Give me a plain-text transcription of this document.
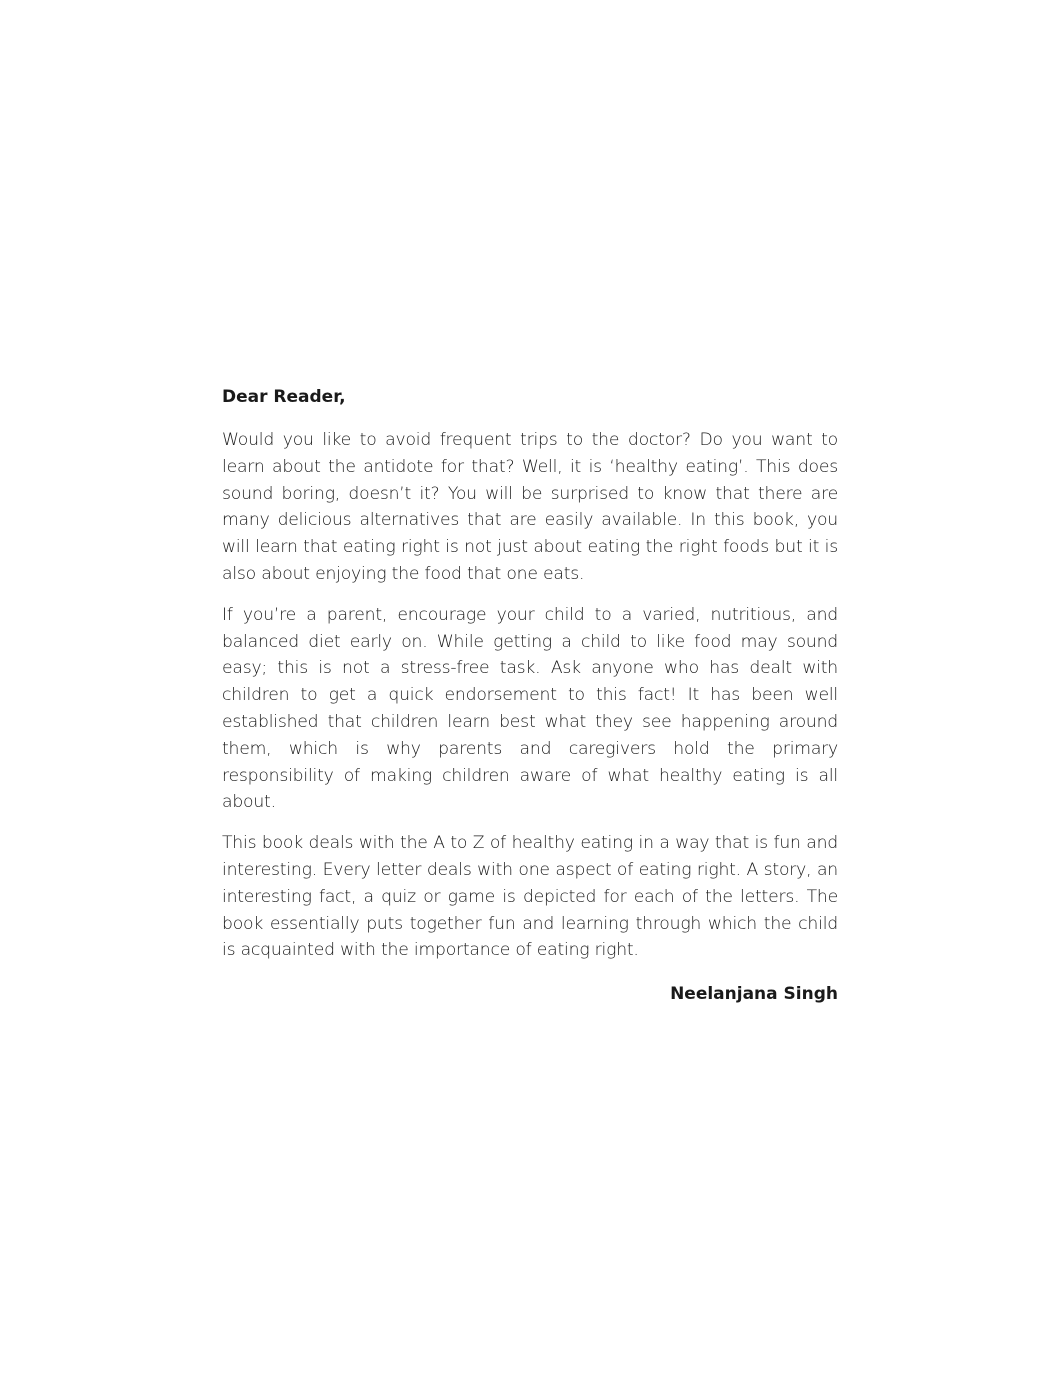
Dear Reader,

Would you like to avoid frequent trips to the doctor? Do you want to learn about the antidote for that? Well, it is ‘healthy eating’. This does sound boring, doesn’t it? You will be surprised to know that there are many delicious alternatives that are easily available. In this book, you will learn that eating right is not just about eating the right foods but it is also about enjoying the food that one eats.

If you’re a parent, encourage your child to a varied, nutritious, and balanced diet early on. While getting a child to like food may sound easy; this is not a stress-free task. Ask anyone who has dealt with children to get a quick endorsement to this fact! It has been well established that children learn best what they see happening around them, which is why parents and caregivers hold the primary responsibility of making children aware of what healthy eating is all about.

This book deals with the A to Z of healthy eating in a way that is fun and interesting. Every letter deals with one aspect of eating right. A story, an interesting fact, a quiz or game is depicted for each of the letters. The book essentially puts together fun and learning through which the child is acquainted with the importance of eating right.

Neelanjana Singh
